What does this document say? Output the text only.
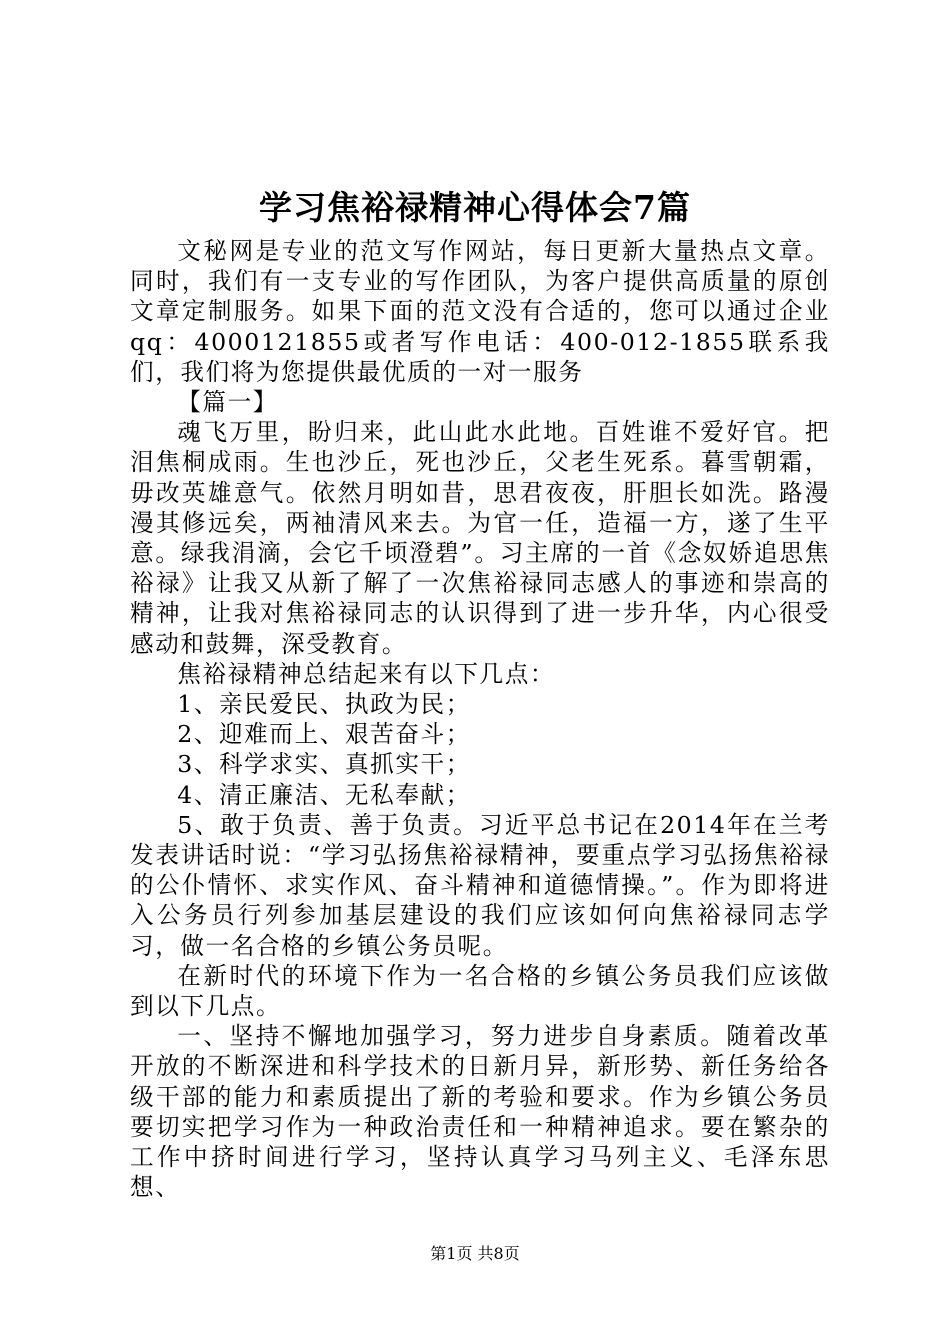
学习焦裕禄精神心得体会7篇

文秘网是专业的范文写作网站，每日更新大量热点文章。同时，我们有一支专业的写作团队，为客户提供高质量的原创文章定制服务。如果下面的范文没有合适的，您可以通过企业qq：4000121855或者写作电话：400-012-1855联系我们，我们将为您提供最优质的一对一服务

【篇一】

魂飞万里，盼归来，此山此水此地。百姓谁不爱好官。把泪焦桐成雨。生也沙丘，死也沙丘，父老生死系。暮雪朝霜，毋改英雄意气。依然月明如昔，思君夜夜，肝胆长如洗。路漫漫其修远矣，两袖清风来去。为官一任，造福一方，遂了生平意。绿我涓滴，会它千顷澄碧”。习主席的一首《念奴娇追思焦裕禄》让我又从新了解了一次焦裕禄同志感人的事迹和崇高的精神，让我对焦裕禄同志的认识得到了进一步升华，内心很受感动和鼓舞，深受教育。

焦裕禄精神总结起来有以下几点：

1、亲民爱民、执政为民；

2、迎难而上、艰苦奋斗；

3、科学求实、真抓实干；

4、清正廉洁、无私奉献；

5、敢于负责、善于负责。习近平总书记在2014年在兰考发表讲话时说：“学习弘扬焦裕禄精神，要重点学习弘扬焦裕禄的公仆情怀、求实作风、奋斗精神和道德情操。”。作为即将进入公务员行列参加基层建设的我们应该如何向焦裕禄同志学习，做一名合格的乡镇公务员呢。

在新时代的环境下作为一名合格的乡镇公务员我们应该做到以下几点。

一、坚持不懈地加强学习，努力进步自身素质。随着改革开放的不断深进和科学技术的日新月异，新形势、新任务给各级干部的能力和素质提出了新的考验和要求。作为乡镇公务员要切实把学习作为一种政治责任和一种精神追求。要在繁杂的工作中挤时间进行学习，坚持认真学习马列主义、毛泽东思想、

第1页 共8页
